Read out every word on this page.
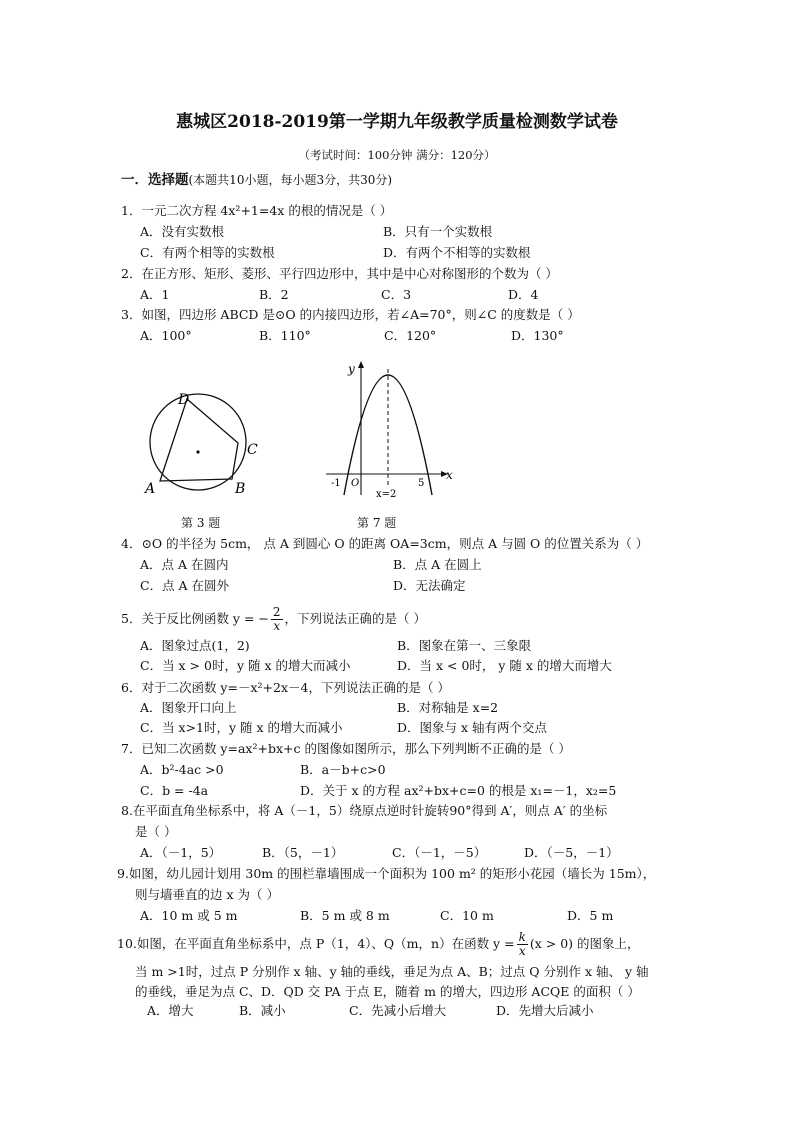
惠城区2018-2019第一学期九年级教学质量检测数学试卷
（考试时间：100分钟 满分：120分）
一．选择题(本题共10小题，每小题3分，共30分)
1．一元二次方程 4x²+1=4x 的根的情况是（ ）
A．没有实数根	B．只有一个实数根
C．有两个相等的实数根	D．有两个不相等的实数根
2．在正方形、矩形、菱形、平行四边形中，其中是中心对称图形的个数为（ ）
A．1	B．2	C．3	D．4
3．如图，四边形 ABCD 是⊙O 的内接四边形，若∠A=70°，则∠C 的度数是（ ）
A．100°	B．110°	C．120°	D．130°
D
C
B
A
第 3 题
y
x
-1 O	5
x=2
第 7 题
4．⊙O 的半径为 5cm， 点 A 到圆心 O 的距离 OA=3cm，则点 A 与圆 O 的位置关系为（ ）
A．点 A 在圆内	B．点 A 在圆上
C．点 A 在圆外	D．无法确定
5．关于反比例函数 y = − $\frac{2}{x}$ ，下列说法正确的是（ ）
A．图象过点(1，2)	B．图象在第一、三象限
C．当 x > 0时，y 随 x 的增大而减小	D．当 x < 0时， y 随 x 的增大而增大
6．对于二次函数 y=－x²+2x－4，下列说法正确的是（ ）
A．图象开口向上	B．对称轴是 x=2
C．当 x>1时，y 随 x 的增大而减小	D．图象与 x 轴有两个交点
7．已知二次函数 y=ax²+bx+c 的图像如图所示，那么下列判断不正确的是（ ）
A．b²-4ac >0	B．a－b+c>0
C．b = -4a	D．关于 x 的方程 ax²+bx+c=0 的根是 x₁=－1，x₂=5
8.在平面直角坐标系中，将 A（－1，5）绕原点逆时针旋转90°得到 A′，则点 A′ 的坐标
是（ ）
A．（－1，5）	B．（5，－1）	C．（－1，－5）	D．（－5，－1）
9.如图，幼儿园计划用 30m 的围栏靠墙围成一个面积为 100 m² 的矩形小花园（墙长为 15m），
则与墙垂直的边 x 为（ ）
A．10 m 或 5 m	B．5 m 或 8 m	C．10 m	D．5 m
10.如图，在平面直角坐标系中，点 P（1，4）、Q（m，n）在函数 $y = \frac{k}{x} (x > 0)$ 的图象上，
当 m >1时，过点 P 分别作 x 轴、y 轴的垂线，垂足为点 A、B；过点 Q 分别作 x 轴、 y 轴
的垂线，垂足为点 C、D．QD 交 PA 于点 E，随着 m 的增大，四边形 ACQE 的面积（ ）
A．增大	B．减小	C．先减小后增大	D．先增大后减小
